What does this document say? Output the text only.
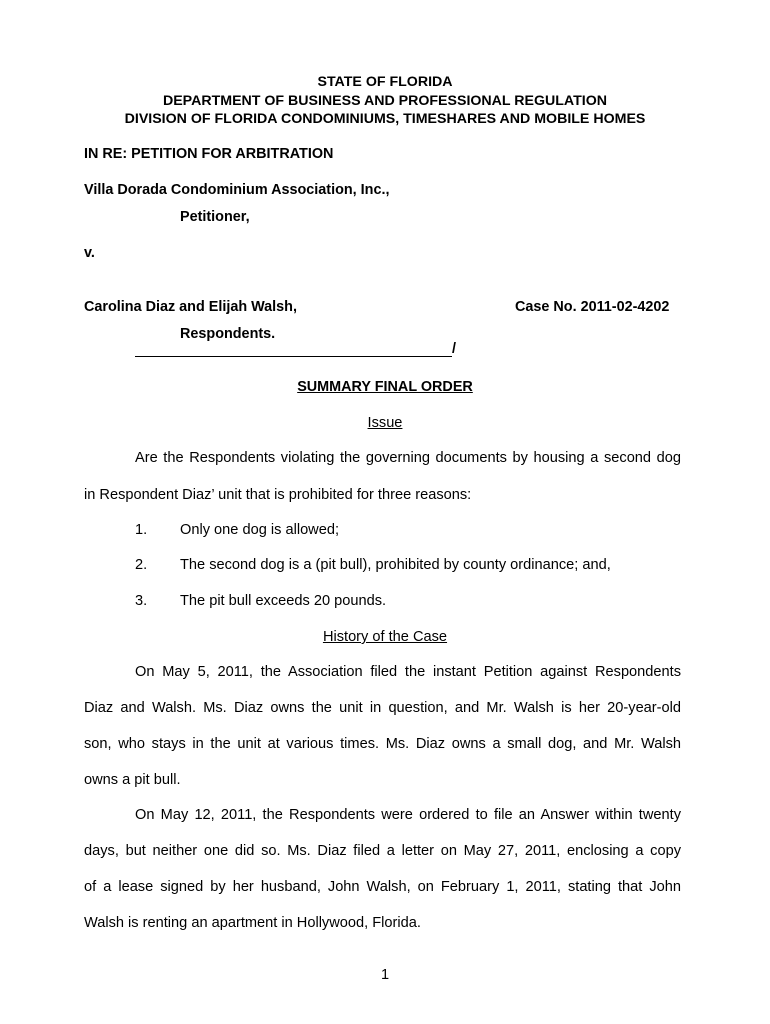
STATE OF FLORIDA
DEPARTMENT OF BUSINESS AND PROFESSIONAL REGULATION
DIVISION OF FLORIDA CONDOMINIUMS, TIMESHARES AND MOBILE HOMES
IN RE: PETITION FOR ARBITRATION
Villa Dorada Condominium Association, Inc.,
Petitioner,
v.
Carolina Diaz and Elijah Walsh,	Case No. 2011-02-4202
Respondents.
/
SUMMARY FINAL ORDER
Issue
Are the Respondents violating the governing documents by housing a second dog
in Respondent Diaz’ unit that is prohibited for three reasons:
1. Only one dog is allowed;
2. The second dog is a (pit bull), prohibited by county ordinance; and,
3. The pit bull exceeds 20 pounds.
History of the Case
On May 5, 2011, the Association filed the instant Petition against Respondents
Diaz and Walsh. Ms. Diaz owns the unit in question, and Mr. Walsh is her 20-year-old
son, who stays in the unit at various times. Ms. Diaz owns a small dog, and Mr. Walsh
owns a pit bull.
On May 12, 2011, the Respondents were ordered to file an Answer within twenty
days, but neither one did so. Ms. Diaz filed a letter on May 27, 2011, enclosing a copy
of a lease signed by her husband, John Walsh, on February 1, 2011, stating that John
Walsh is renting an apartment in Hollywood, Florida.
1
